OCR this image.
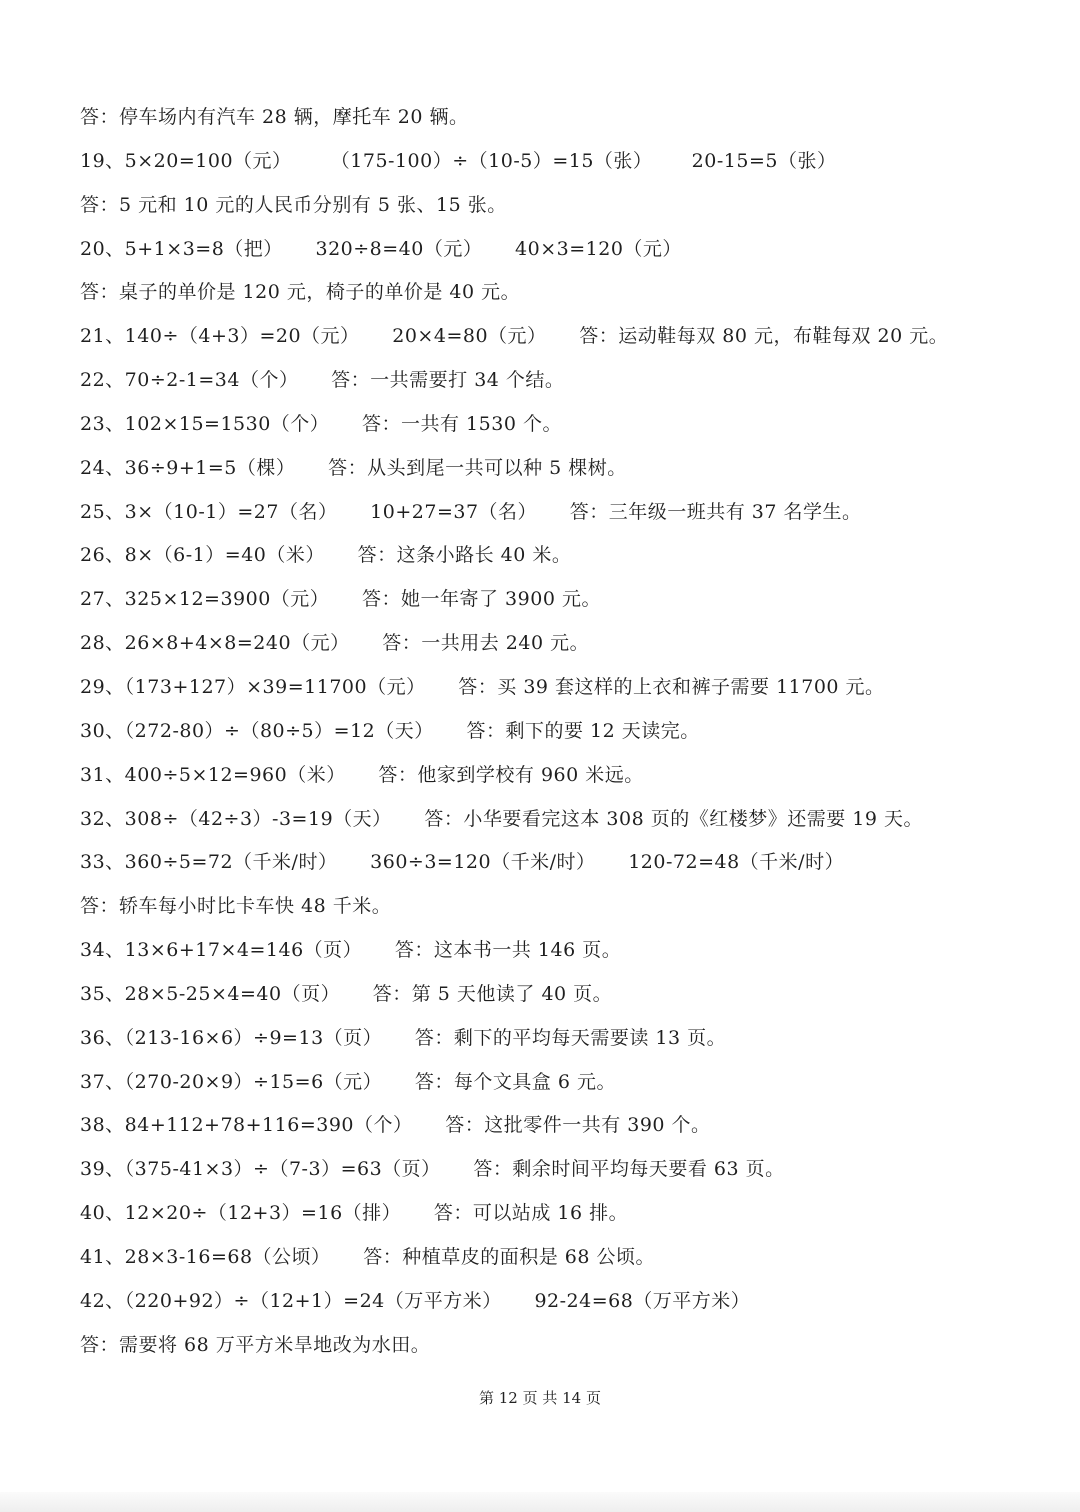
答：停车场内有汽车 28 辆，摩托车 20 辆。
19、5×20=100（元）      （175-100）÷（10-5）=15（张）      20-15=5（张）
答：5 元和 10 元的人民币分别有 5 张、15 张。
20、5+1×3=8（把）     320÷8=40（元）     40×3=120（元）
答：桌子的单价是 120 元，椅子的单价是 40 元。
21、140÷（4+3）=20（元）     20×4=80（元）     答：运动鞋每双 80 元，布鞋每双 20 元。
22、70÷2-1=34（个）     答：一共需要打 34 个结。
23、102×15=1530（个）     答：一共有 1530 个。
24、36÷9+1=5（棵）     答：从头到尾一共可以种 5 棵树。
25、3×（10-1）=27（名）     10+27=37（名）     答：三年级一班共有 37 名学生。
26、8×（6-1）=40（米）     答：这条小路长 40 米。
27、325×12=3900（元）     答：她一年寄了 3900 元。
28、26×8+4×8=240（元）     答：一共用去 240 元。
29、（173+127）×39=11700（元）     答：买 39 套这样的上衣和裤子需要 11700 元。
30、（272-80）÷（80÷5）=12（天）     答：剩下的要 12 天读完。
31、400÷5×12=960（米）     答：他家到学校有 960 米远。
32、308÷（42÷3）-3=19（天）     答：小华要看完这本 308 页的《红楼梦》还需要 19 天。
33、360÷5=72（千米/时）     360÷3=120（千米/时）     120-72=48（千米/时）
答：轿车每小时比卡车快 48 千米。
34、13×6+17×4=146（页）     答：这本书一共 146 页。
35、28×5-25×4=40（页）     答：第 5 天他读了 40 页。
36、（213-16×6）÷9=13（页）     答：剩下的平均每天需要读 13 页。
37、（270-20×9）÷15=6（元）     答：每个文具盒 6 元。
38、84+112+78+116=390（个）     答：这批零件一共有 390 个。
39、（375-41×3）÷（7-3）=63（页）     答：剩余时间平均每天要看 63 页。
40、12×20÷（12+3）=16（排）     答：可以站成 16 排。
41、28×3-16=68（公顷）     答：种植草皮的面积是 68 公顷。
42、（220+92）÷（12+1）=24（万平方米）     92-24=68（万平方米）
答：需要将 68 万平方米旱地改为水田。
第 12 页 共 14 页
